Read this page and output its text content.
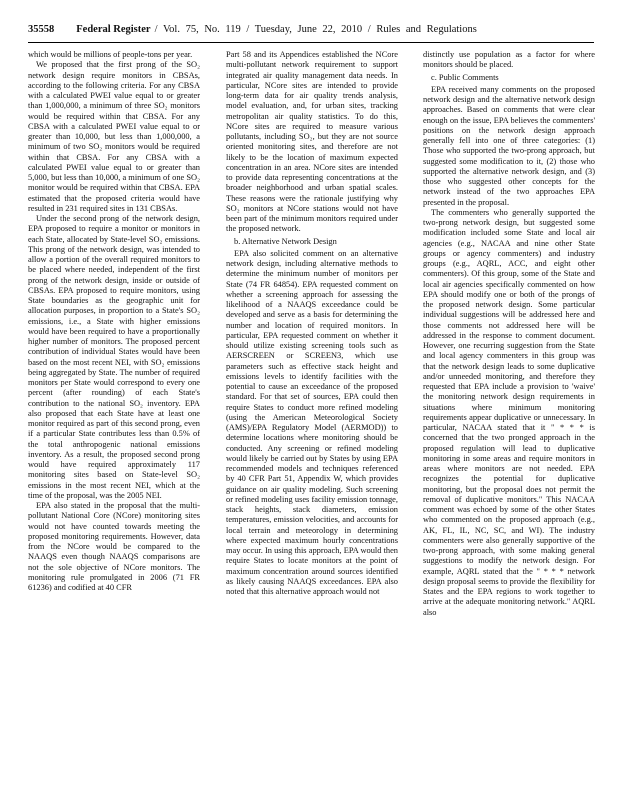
35558 Federal Register / Vol. 75, No. 119 / Tuesday, June 22, 2010 / Rules and Regulations

which would be millions of people-tons per year.

We proposed that the first prong of the SO₂ network design require monitors in CBSAs, according to the following criteria. For any CBSA with a calculated PWEI value equal to or greater than 1,000,000, a minimum of three SO₂ monitors would be required within that CBSA. For any CBSA with a calculated PWEI value equal to or greater than 10,000, but less than 1,000,000, a minimum of two SO₂ monitors would be required within that CBSA. For any CBSA with a calculated PWEI value equal to or greater than 5,000, but less than 10,000, a minimum of one SO₂ monitor would be required within that CBSA. EPA estimated that the proposed criteria would have resulted in 231 required sites in 131 CBSAs.

Under the second prong of the network design, EPA proposed to require a monitor or monitors in each State, allocated by State-level SO₂ emissions. This prong of the network design, was intended to allow a portion of the overall required monitors to be placed where needed, independent of the first prong of the network design, inside or outside of CBSAs. EPA proposed to require monitors, using State boundaries as the geographic unit for allocation purposes, in proportion to a State's SO₂ emissions, i.e., a State with higher emissions would have been required to have a proportionally higher number of monitors. The proposed percent contribution of individual States would have been based on the most recent NEI, with SO₂ emissions being aggregated by State. The number of required monitors per State would correspond to every one percent (after rounding) of each State's contribution to the national SO₂ inventory. EPA also proposed that each State have at least one monitor required as part of this second prong, even if a particular State contributes less than 0.5% of the total anthropogenic national emissions inventory. As a result, the proposed second prong would have required approximately 117 monitoring sites based on State-level SO₂ emissions in the most recent NEI, which at the time of the proposal, was the 2005 NEI.

EPA also stated in the proposal that the multi-pollutant National Core (NCore) monitoring sites would not have counted towards meeting the proposed monitoring requirements. However, data from the NCore would be compared to the NAAQS even though NAAQS comparisons are not the sole objective of NCore monitors. The monitoring rule promulgated in 2006 (71 FR 61236) and codified at 40 CFR

Part 58 and its Appendices established the NCore multi-pollutant network requirement to support integrated air quality management data needs. In particular, NCore sites are intended to provide long-term data for air quality trends analysis, model evaluation, and, for urban sites, tracking metropolitan air quality statistics. To do this, NCore sites are required to measure various pollutants, including SO₂, but they are not source oriented monitoring sites, and therefore are not likely to be the location of maximum expected concentration in an area. NCore sites are intended to provide data representing concentrations at the broader neighborhood and urban spatial scales. These reasons were the rationale justifying why SO₂ monitors at NCore stations would not have been part of the minimum monitors required under the proposed network.

b. Alternative Network Design

EPA also solicited comment on an alternative network design, including alternative methods to determine the minimum number of monitors per State (74 FR 64854). EPA requested comment on whether a screening approach for assessing the likelihood of a NAAQS exceedance could be developed and serve as a basis for determining the number and location of required monitors. In particular, EPA requested comment on whether it should utilize existing screening tools such as AERSCREEN or SCREEN3, which use parameters such as effective stack height and emissions levels to identify facilities with the potential to cause an exceedance of the proposed standard. For that set of sources, EPA could then require States to conduct more refined modeling (using the American Meteorological Society (AMS)/EPA Regulatory Model (AERMOD)) to determine locations where monitoring should be conducted. Any screening or refined modeling would likely be carried out by States by using EPA recommended models and techniques referenced by 40 CFR Part 51, Appendix W, which provides guidance on air quality modeling. Such screening or refined modeling uses facility emission tonnage, stack heights, stack diameters, emission temperatures, emission velocities, and accounts for local terrain and meteorology in determining where expected maximum hourly concentrations may occur. In using this approach, EPA would then require States to locate monitors at the point of maximum concentration around sources identified as likely causing NAAQS exceedances. EPA also noted that this alternative approach would not

distinctly use population as a factor for where monitors should be placed.

c. Public Comments

EPA received many comments on the proposed network design and the alternative network design approaches. Based on comments that were clear enough on the issue, EPA believes the commenters' positions on the network design approach generally fell into one of three categories: (1) Those who supported the two-prong approach, but suggested some modification to it, (2) those who supported the alternative network design, and (3) those who suggested other concepts for the network instead of the two approaches EPA presented in the proposal.

The commenters who generally supported the two-prong network design, but suggested some modification included some State and local air agencies (e.g., NACAA and nine other State groups or agency commenters) and industry groups (e.g., AQRL, ACC, and eight other commenters). Of this group, some of the State and local air agencies specifically commented on how EPA should modify one or both of the prongs of the proposed network design. Some particular individual suggestions will be addressed here and those comments not addressed here will be addressed in the response to comment document. However, one recurring suggestion from the State and local agency commenters in this group was that the network design leads to some duplicative and/or unneeded monitoring, and therefore they requested that EPA include a provision to 'waive' the monitoring network design requirements in situations where minimum monitoring requirements appear duplicative or unnecessary. In particular, NACAA stated that it " * * * is concerned that the two pronged approach in the proposed regulation will lead to duplicative monitoring in some areas and require monitors in areas where monitors are not needed. EPA recognizes the potential for duplicative monitoring, but the proposal does not permit the removal of duplicative monitors." This NACAA comment was echoed by some of the other States who commented on the proposed approach (e.g., AK, FL, IL, NC, SC, and WI). The industry commenters were also generally supportive of the two-prong approach, with some making general suggestions to modify the network design. For example, AQRL stated that the " * * * network design proposal seems to provide the flexibility for States and the EPA regions to work together to arrive at the adequate monitoring network." AQRL also
